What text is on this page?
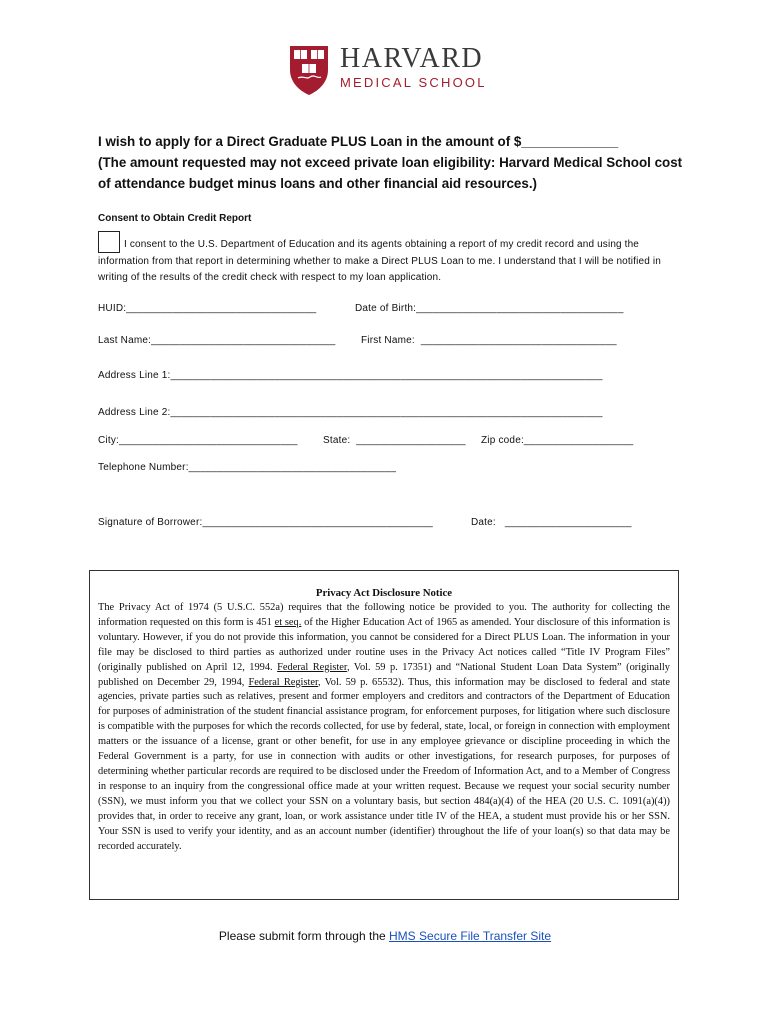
HARVARD
MEDICAL SCHOOL
I wish to apply for a Direct Graduate PLUS Loan in the amount of $_____________
(The amount requested may not exceed private loan eligibility: Harvard Medical School cost of attendance budget minus loans and other financial aid resources.)
Consent to Obtain Credit Report
I consent to the U.S. Department of Education and its agents obtaining a report of my credit record and using the information from that report in determining whether to make a Direct PLUS Loan to me. I understand that I will be notified in writing of the results of the credit check with respect to my loan application.
HUID:_________________________________	Date of Birth:____________________________________
Last Name:________________________________	First Name:  __________________________________
Address Line 1:___________________________________________________________________________
Address Line 2:___________________________________________________________________________
City:_______________________________	State:  ___________________ Zip code:___________________
Telephone Number:____________________________________
Signature of Borrower:________________________________________	Date:   ______________________
Privacy Act Disclosure Notice
The Privacy Act of 1974 (5 U.S.C. 552a) requires that the following notice be provided to you. The authority for collecting the information requested on this form is 451 et seq. of the Higher Education Act of 1965 as amended. Your disclosure of this information is voluntary. However, if you do not provide this information, you cannot be considered for a Direct PLUS Loan. The information in your file may be disclosed to third parties as authorized under routine uses in the Privacy Act notices called “Title IV Program Files” (originally published on April 12, 1994. Federal Register, Vol. 59 p. 17351) and “National Student Loan Data System” (originally published on December 29, 1994, Federal Register, Vol. 59 p. 65532). Thus, this information may be disclosed to federal and state agencies, private parties such as relatives, present and former employers and creditors and contractors of the Department of Education for purposes of administration of the student financial assistance program, for enforcement purposes, for litigation where such disclosure is compatible with the purposes for which the records collected, for use by federal, state, local, or foreign in connection with employment matters or the issuance of a license, grant or other benefit, for use in any employee grievance or discipline proceeding in which the Federal Government is a party, for use in connection with audits or other investigations, for research purposes, for purposes of determining whether particular records are required to be disclosed under the Freedom of Information Act, and to a Member of Congress in response to an inquiry from the congressional office made at your written request. Because we request your social security number (SSN), we must inform you that we collect your SSN on a voluntary basis, but section 484(a)(4) of the HEA (20 U.S. C. 1091(a)(4)) provides that, in order to receive any grant, loan, or work assistance under title IV of the HEA, a student must provide his or her SSN. Your SSN is used to verify your identity, and as an account number (identifier) throughout the life of your loan(s) so that data may be recorded accurately.
Please submit form through the HMS Secure File Transfer Site
